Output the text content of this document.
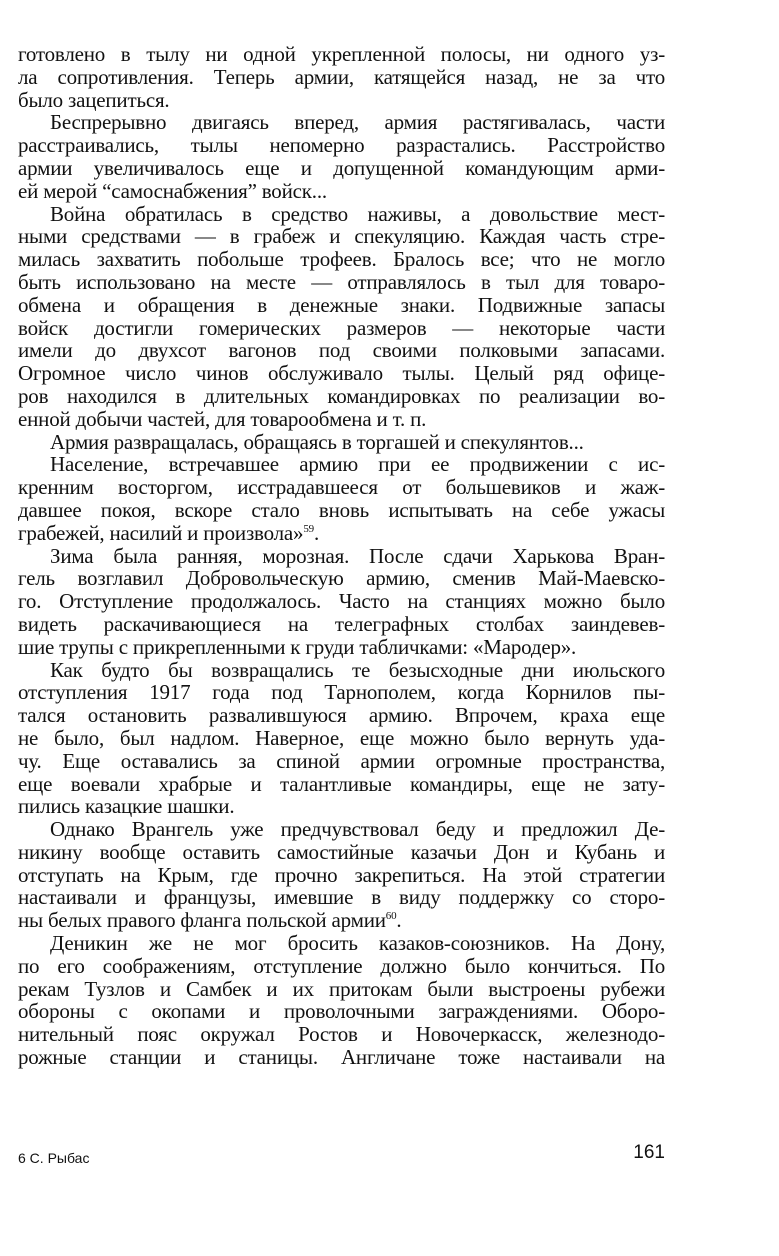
готовлено в тылу ни одной укрепленной полосы, ни одного уз-
ла сопротивления. Теперь армии, катящейся назад, не за что
было зацепиться.
Беспрерывно двигаясь вперед, армия растягивалась, части
расстраивались, тылы непомерно разрастались. Расстройство
армии увеличивалось еще и допущенной командующим арми-
ей мерой “самоснабжения” войск...
Война обратилась в средство наживы, а довольствие мест-
ными средствами — в грабеж и спекуляцию. Каждая часть стре-
милась захватить побольше трофеев. Бралось все; что не могло
быть использовано на месте — отправлялось в тыл для товаро-
обмена и обращения в денежные знаки. Подвижные запасы
войск достигли гомерических размеров — некоторые части
имели до двухсот вагонов под своими полковыми запасами.
Огромное число чинов обслуживало тылы. Целый ряд офице-
ров находился в длительных командировках по реализации во-
енной добычи частей, для товарообмена и т. п.
Армия развращалась, обращаясь в торгашей и спекулянтов...
Население, встречавшее армию при ее продвижении с ис-
кренним восторгом, исстрадавшееся от большевиков и жаж-
давшее покоя, вскоре стало вновь испытывать на себе ужасы
грабежей, насилий и произвола»$^{59}$.
Зима была ранняя, морозная. После сдачи Харькова Вран-
гель возглавил Добровольческую армию, сменив Май-Маевско-
го. Отступление продолжалось. Часто на станциях можно было
видеть раскачивающиеся на телеграфных столбах заиндевев-
шие трупы с прикрепленными к груди табличками: «Мародер».
Как будто бы возвращались те безысходные дни июльского
отступления 1917 года под Тарнополем, когда Корнилов пы-
тался остановить развалившуюся армию. Впрочем, краха еще
не было, был надлом. Наверное, еще можно было вернуть уда-
чу. Еще оставались за спиной армии огромные пространства,
еще воевали храбрые и талантливые командиры, еще не зату-
пились казацкие шашки.
Однако Врангель уже предчувствовал беду и предложил Де-
никину вообще оставить самостийные казачьи Дон и Кубань и
отступать на Крым, где прочно закрепиться. На этой стратегии
настаивали и французы, имевшие в виду поддержку со сторо-
ны белых правого фланга польской армии$^{60}$.
Деникин же не мог бросить казаков-союзников. На Дону,
по его соображениям, отступление должно было кончиться. По
рекам Тузлов и Самбек и их притокам были выстроены рубежи
обороны с окопами и проволочными заграждениями. Оборо-
нительный пояс окружал Ростов и Новочеркасск, железнодо-
рожные станции и станицы. Англичане тоже настаивали на
6 С. Рыбас	161
